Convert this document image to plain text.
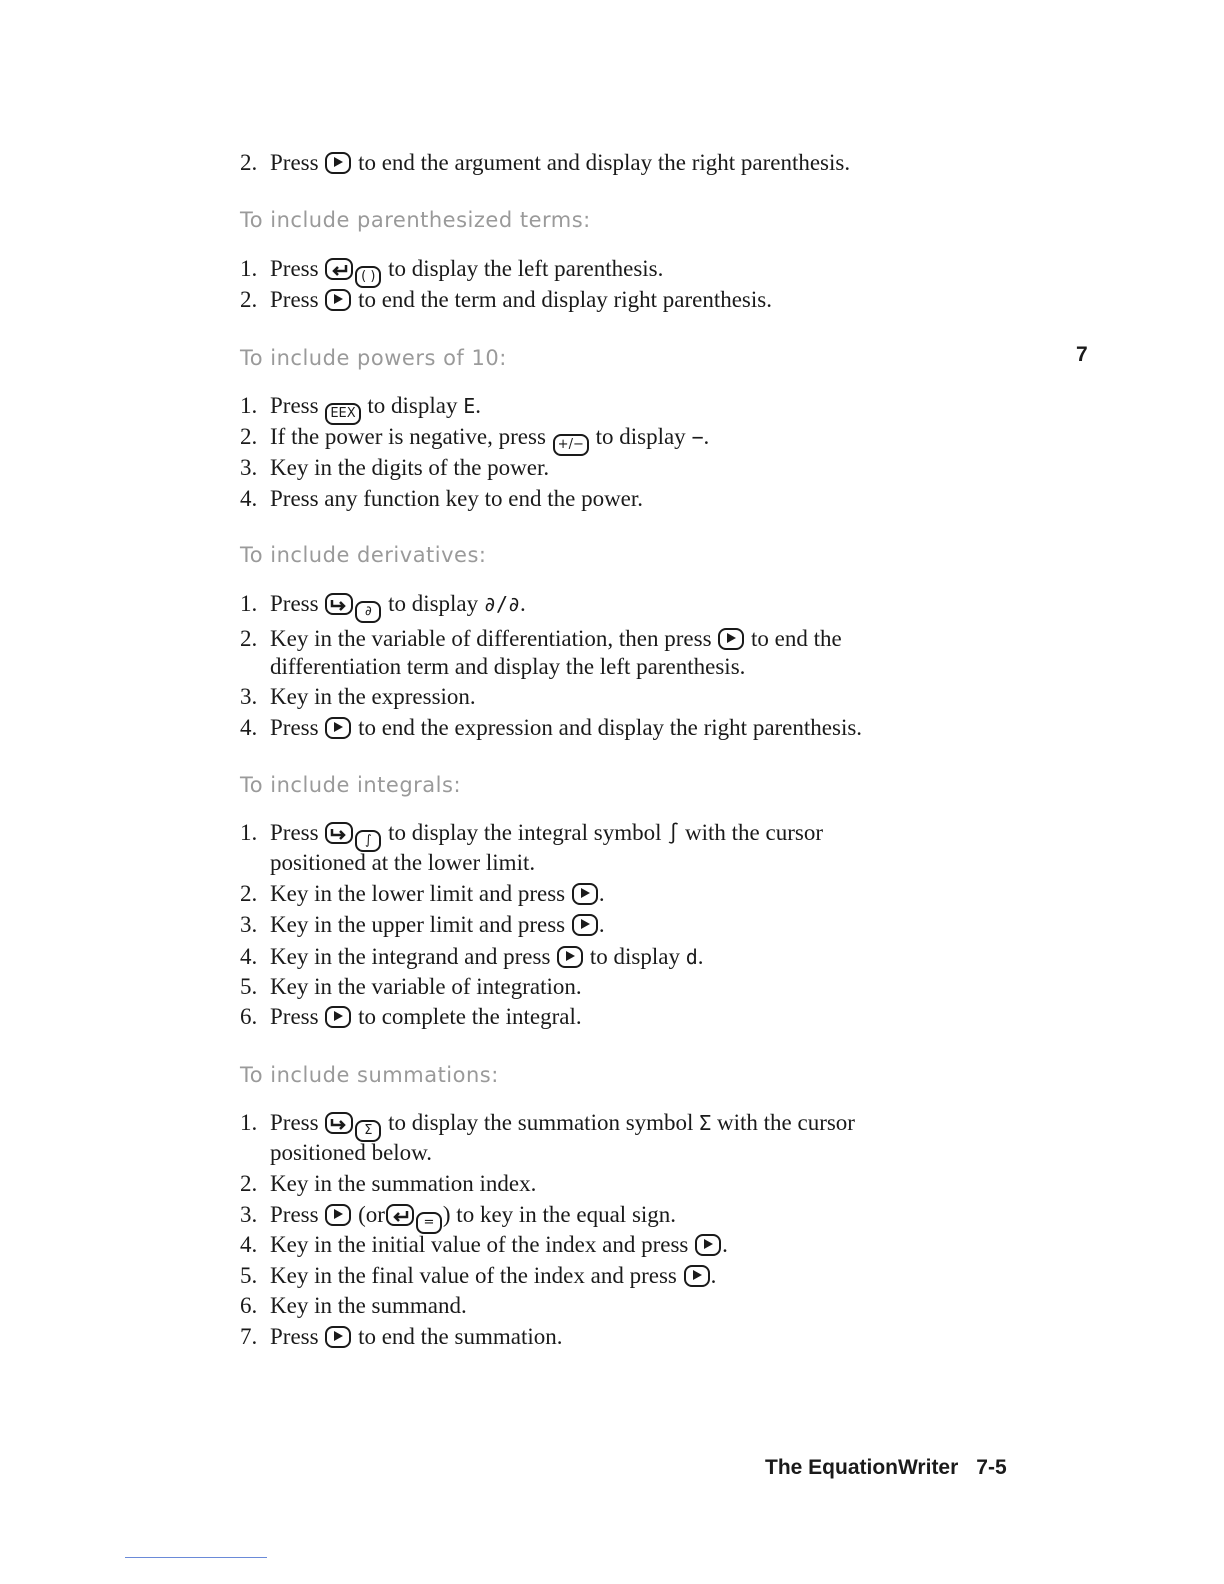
2. Press to end the argument and display the right parenthesis.
To include parenthesized terms:
1. Press	( ) to display the left parenthesis.
2. Press to end the term and display right parenthesis.
7
To include powers of 10:
1. Press EEX to display E.
2. If the power is negative, press +/− to display −.
3. Key in the digits of the power.
4. Press any function key to end the power.
To include derivatives:
1. Press	∂ to display ∂/∂.
2. Key in the variable of differentiation, then press to end the
differentiation term and display the left parenthesis.
3. Key in the expression.
4. Press to end the expression and display the right parenthesis.
To include integrals:
1. Press	∫ to display the integral symbol ∫ with the cursor
positioned at the lower limit.
2. Key in the lower limit and press .
3. Key in the upper limit and press .
4. Key in the integrand and press to display d.
5. Key in the variable of integration.
6. Press to complete the integral.
To include summations:
1. Press	Σ to display the summation symbol Σ with the cursor
positioned below.
2. Key in the summation index.
3. Press (or	= ) to key in the equal sign.
4. Key in the initial value of the index and press .
5. Key in the final value of the index and press .
6. Key in the summand.
7. Press to end the summation.
The EquationWriter 7-5
